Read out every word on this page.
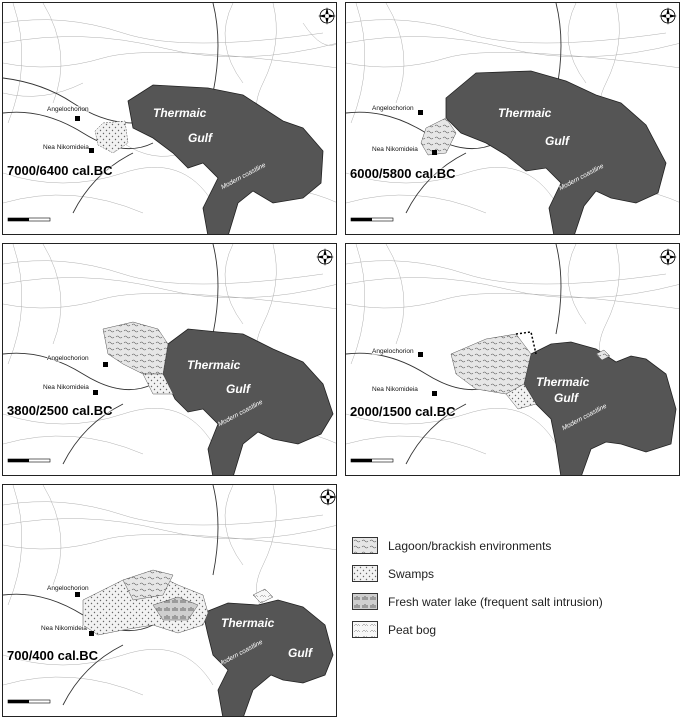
Angelochorion
Nea Nikomideia
Thermaic
Gulf
Modern coastline
7000/6400 cal.BC
Angelochorion
Nea Nikomideia
Thermaic
Gulf
Modern coastline
6000/5800 cal.BC
Angelochorion
Nea Nikomideia
Thermaic
Gulf
Modern coastline
3800/2500 cal.BC
Angelochorion
Nea Nikomideia
Thermaic
Gulf
Modern coastline
2000/1500 cal.BC
Angelochorion
Nea Nikomideia	Thermaic
Gulf
Modern coastline
700/400 cal.BC
Lagoon/brackish environments
Swamps
Fresh water lake (frequent salt intrusion)
Peat bog
